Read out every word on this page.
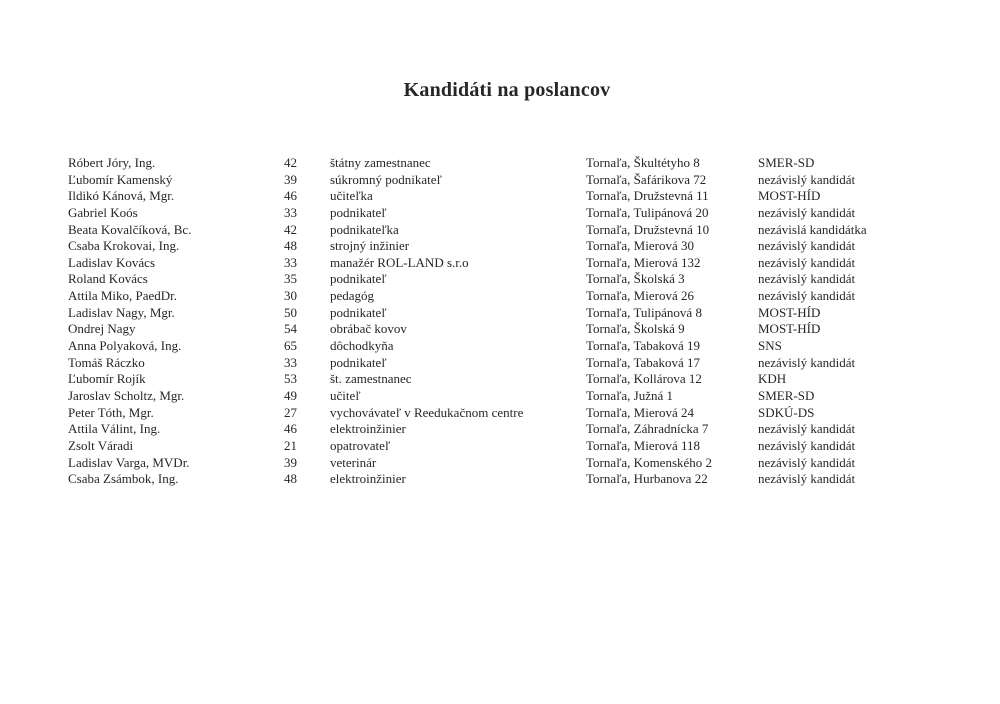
Kandidáti na poslancov
Róbert Jóry, Ing.	42	štátny zamestnanec	Tornaľa, Škultétyho 8	SMER-SD
Ľubomír Kamenský	39	súkromný podnikateľ	Tornaľa, Šafárikova 72	nezávislý kandidát
Ildikó Kánová, Mgr.	46	učiteľka	Tornaľa, Družstevná 11	MOST-HÍD
Gabriel Koós	33	podnikateľ	Tornaľa, Tulipánová 20	nezávislý kandidát
Beata Kovalčíková, Bc.	42	podnikateľka	Tornaľa, Družstevná 10	nezávislá kandidátka
Csaba Krokovai, Ing.	48	strojný inžinier	Tornaľa, Mierová 30	nezávislý kandidát
Ladislav Kovács	33	manažér ROL-LAND s.r.o	Tornaľa, Mierová 132	nezávislý kandidát
Roland Kovács	35	podnikateľ	Tornaľa, Školská 3	nezávislý kandidát
Attila Miko, PaedDr.	30	pedagóg	Tornaľa, Mierová 26	nezávislý kandidát
Ladislav Nagy, Mgr.	50	podnikateľ	Tornaľa, Tulipánová 8	MOST-HÍD
Ondrej Nagy	54	obrábač kovov	Tornaľa, Školská 9	MOST-HÍD
Anna Polyaková, Ing.	65	dôchodkyňa	Tornaľa, Tabaková 19	SNS
Tomáš Ráczko	33	podnikateľ	Tornaľa, Tabaková 17	nezávislý kandidát
Ľubomír Rojík	53	št. zamestnanec	Tornaľa, Kollárova 12	KDH
Jaroslav Scholtz, Mgr.	49	učiteľ	Tornaľa, Južná 1	SMER-SD
Peter Tóth, Mgr.	27	vychovávateľ v Reedukačnom centre	Tornaľa, Mierová 24	SDKÚ-DS
Attila Válint, Ing.	46	elektroinžinier	Tornaľa, Záhradnícka 7	nezávislý kandidát
Zsolt Váradi	21	opatrovateľ	Tornaľa, Mierová 118	nezávislý kandidát
Ladislav Varga, MVDr.	39	veterinár	Tornaľa, Komenského 2	nezávislý kandidát
Csaba Zsámbok, Ing.	48	elektroinžinier	Tornaľa, Hurbanova 22	nezávislý kandidát
